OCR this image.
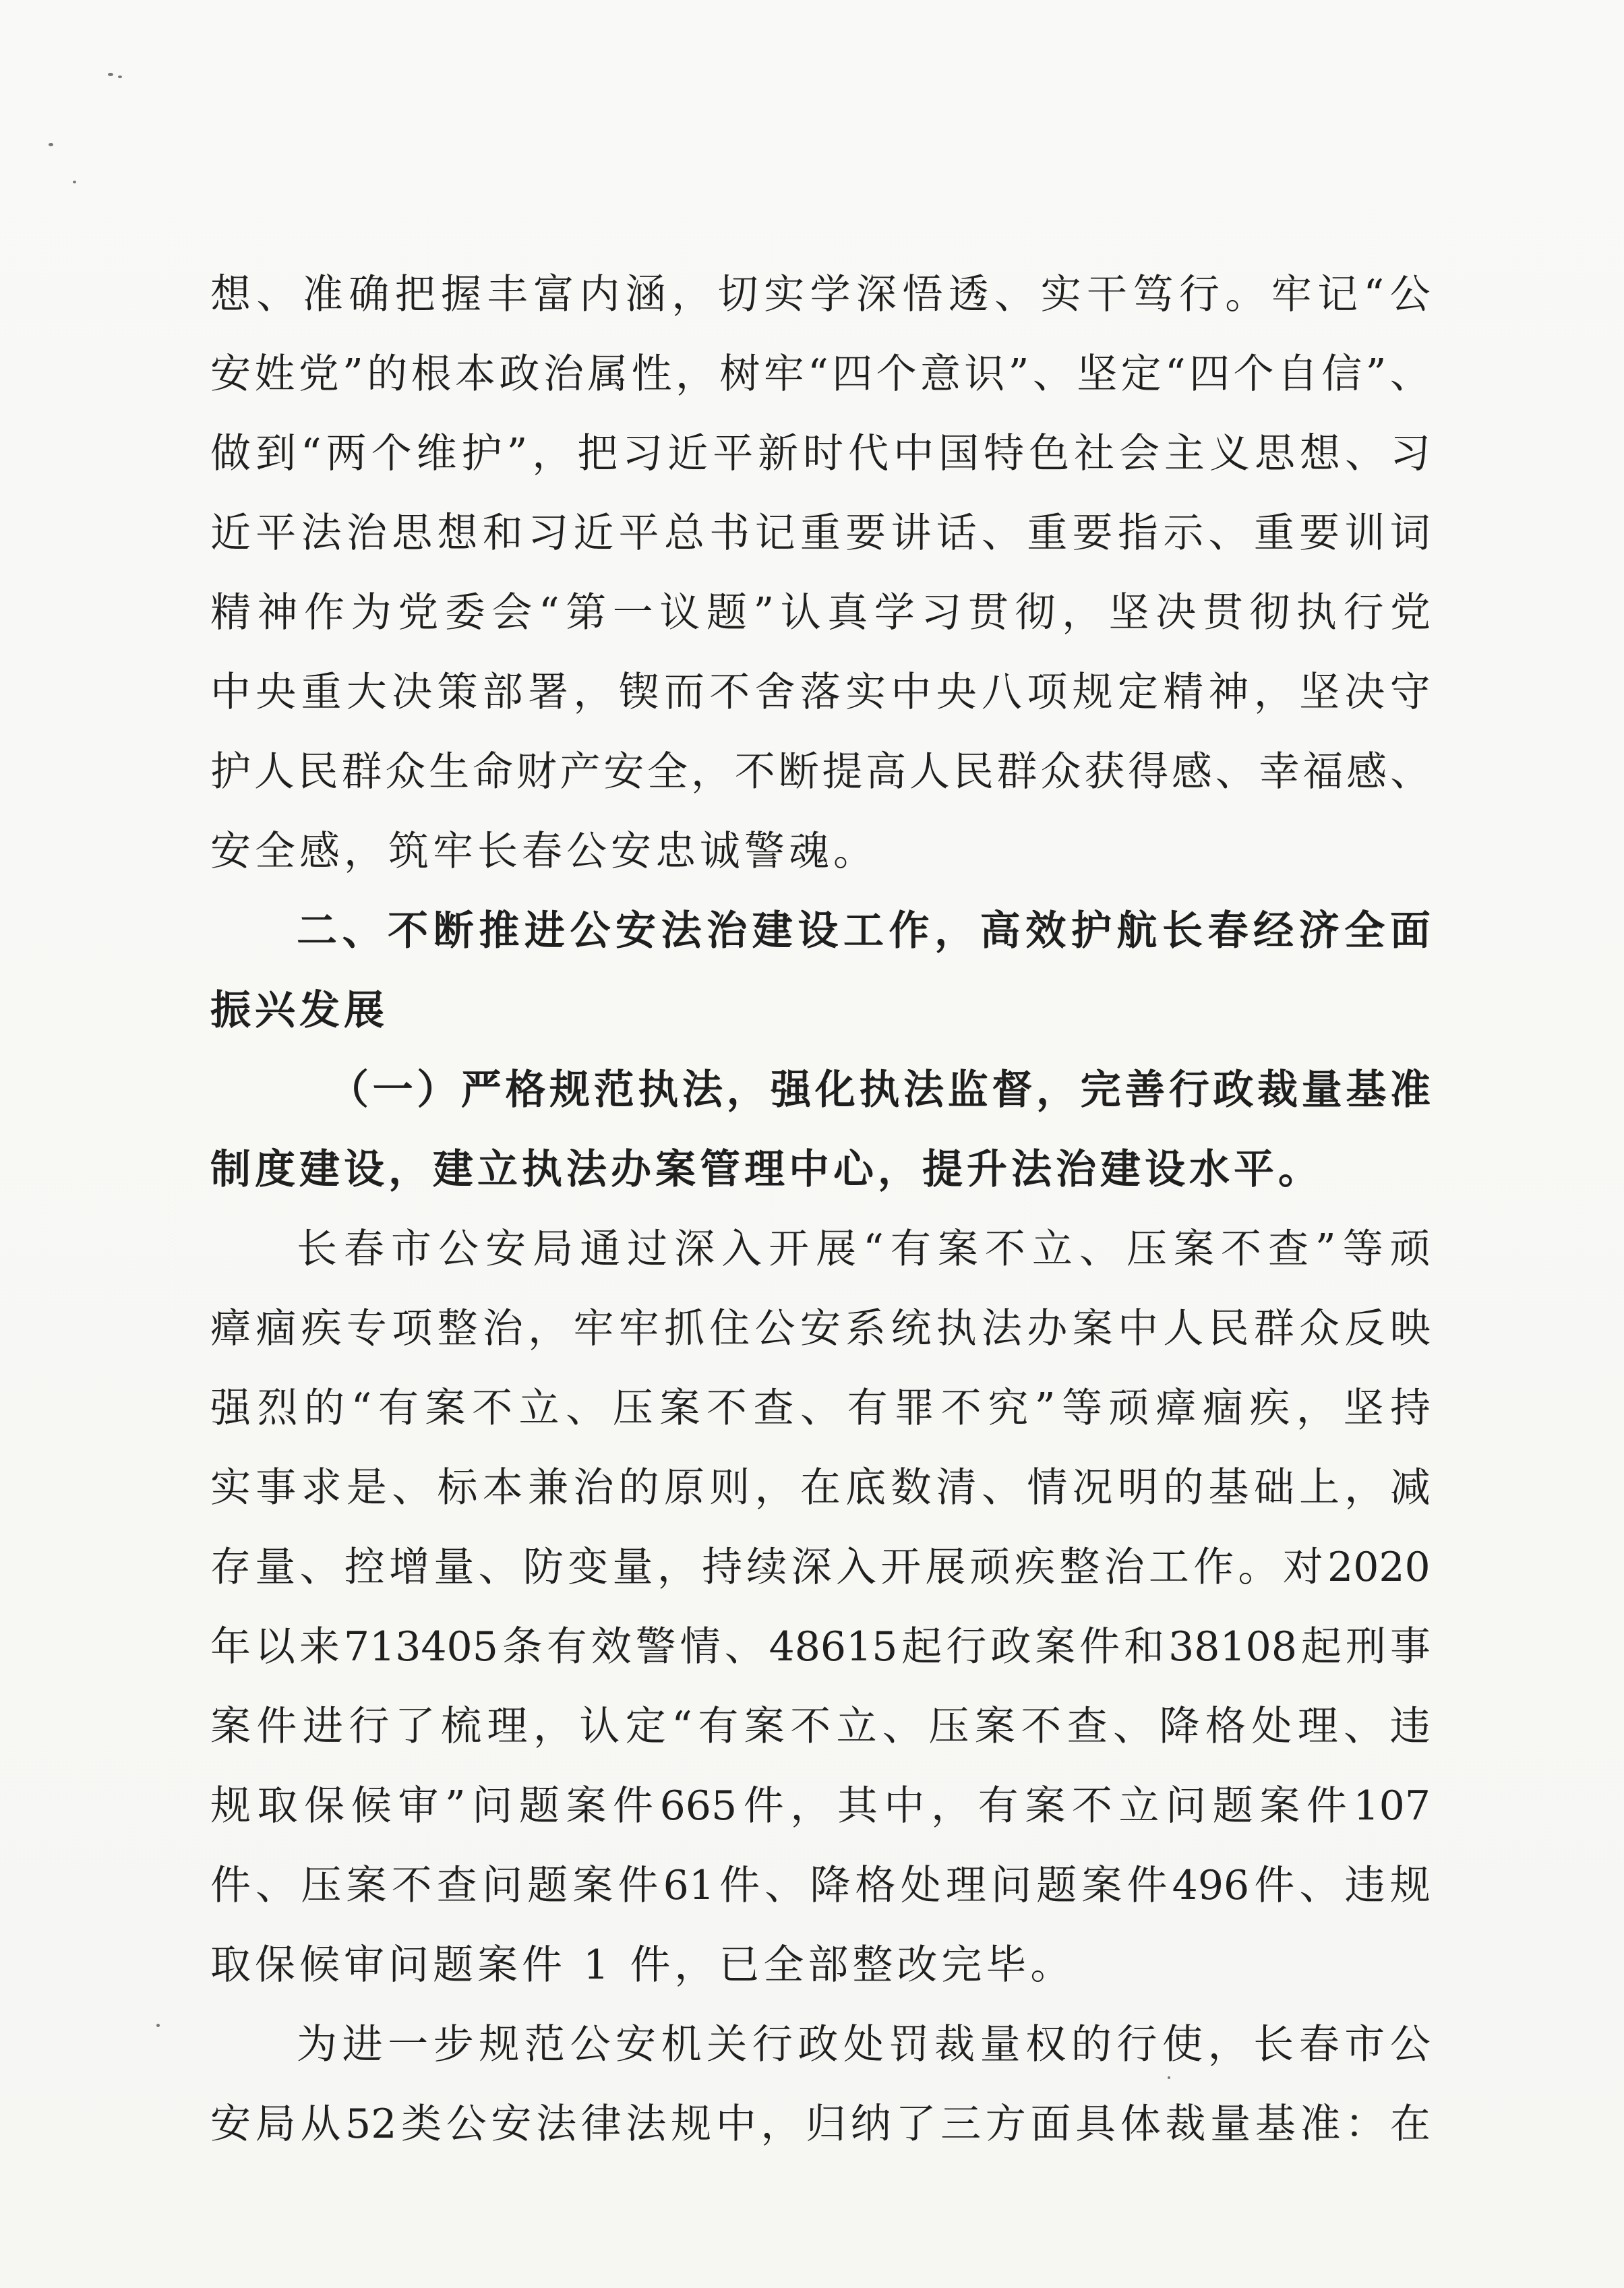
想 、 准 确 把 握 丰 富 内 涵 ， 切 实 学 深 悟 透 、 实 干 笃 行 。 牢 记 “ 公
安 姓 党 ” 的 根 本 政 治 属 性 ， 树 牢 “ 四 个 意 识 ” 、 坚 定 “ 四 个 自 信 ” 、
做 到 “ 两 个 维 护 ” ， 把 习 近 平 新 时 代 中 国 特 色 社 会 主 义 思 想 、 习
近 平 法 治 思 想 和 习 近 平 总 书 记 重 要 讲 话 、 重 要 指 示 、 重 要 训 词
精 神 作 为 党 委 会 “ 第 一 议 题 ” 认 真 学 习 贯 彻 ， 坚 决 贯 彻 执 行 党
中 央 重 大 决 策 部 署 ， 锲 而 不 舍 落 实 中 央 八 项 规 定 精 神 ， 坚 决 守
护 人 民 群 众 生 命 财 产 安 全 ， 不 断 提 高 人 民 群 众 获 得 感 、 幸 福 感 、
安全感，筑牢长春公安忠诚警魂。
二 、 不 断 推 进 公 安 法 治 建 设 工 作 ， 高 效 护 航 长 春 经 济 全 面
振兴发展
（ 一 ） 严 格 规 范 执 法 ， 强 化 执 法 监 督 ， 完 善 行 政 裁 量 基 准
制度建设，建立执法办案管理中心，提升法治建设水平。
长 春 市 公 安 局 通 过 深 入 开 展 “ 有 案 不 立 、 压 案 不 查 ” 等 顽
瘴 痼 疾 专 项 整 治 ， 牢 牢 抓 住 公 安 系 统 执 法 办 案 中 人 民 群 众 反 映
强 烈 的 “ 有 案 不 立 、 压 案 不 查 、 有 罪 不 究 ” 等 顽 瘴 痼 疾 ， 坚 持
实 事 求 是 、 标 本 兼 治 的 原 则 ， 在 底 数 清 、 情 况 明 的 基 础 上 ， 减
存 量 、 控 增 量 、 防 变 量 ， 持 续 深 入 开 展 顽 疾 整 治 工 作 。 对 2020
年 以 来 713405 条 有 效 警 情 、 48615 起 行 政 案 件 和 38108 起 刑 事
案 件 进 行 了 梳 理 ， 认 定 “ 有 案 不 立 、 压 案 不 查 、 降 格 处 理 、 违
规 取 保 候 审 ” 问 题 案 件 665 件 ， 其 中 ， 有 案 不 立 问 题 案 件 107
件 、 压 案 不 查 问 题 案 件 61 件 、 降 格 处 理 问 题 案 件 496 件 、 违 规
取保候审问题案件 1 件，已全部整改完毕。
为 进 一 步 规 范 公 安 机 关 行 政 处 罚 裁 量 权 的 行 使 ， 长 春 市 公
安 局 从 52 类 公 安 法 律 法 规 中 ， 归 纳 了 三 方 面 具 体 裁 量 基 准 ： 在
